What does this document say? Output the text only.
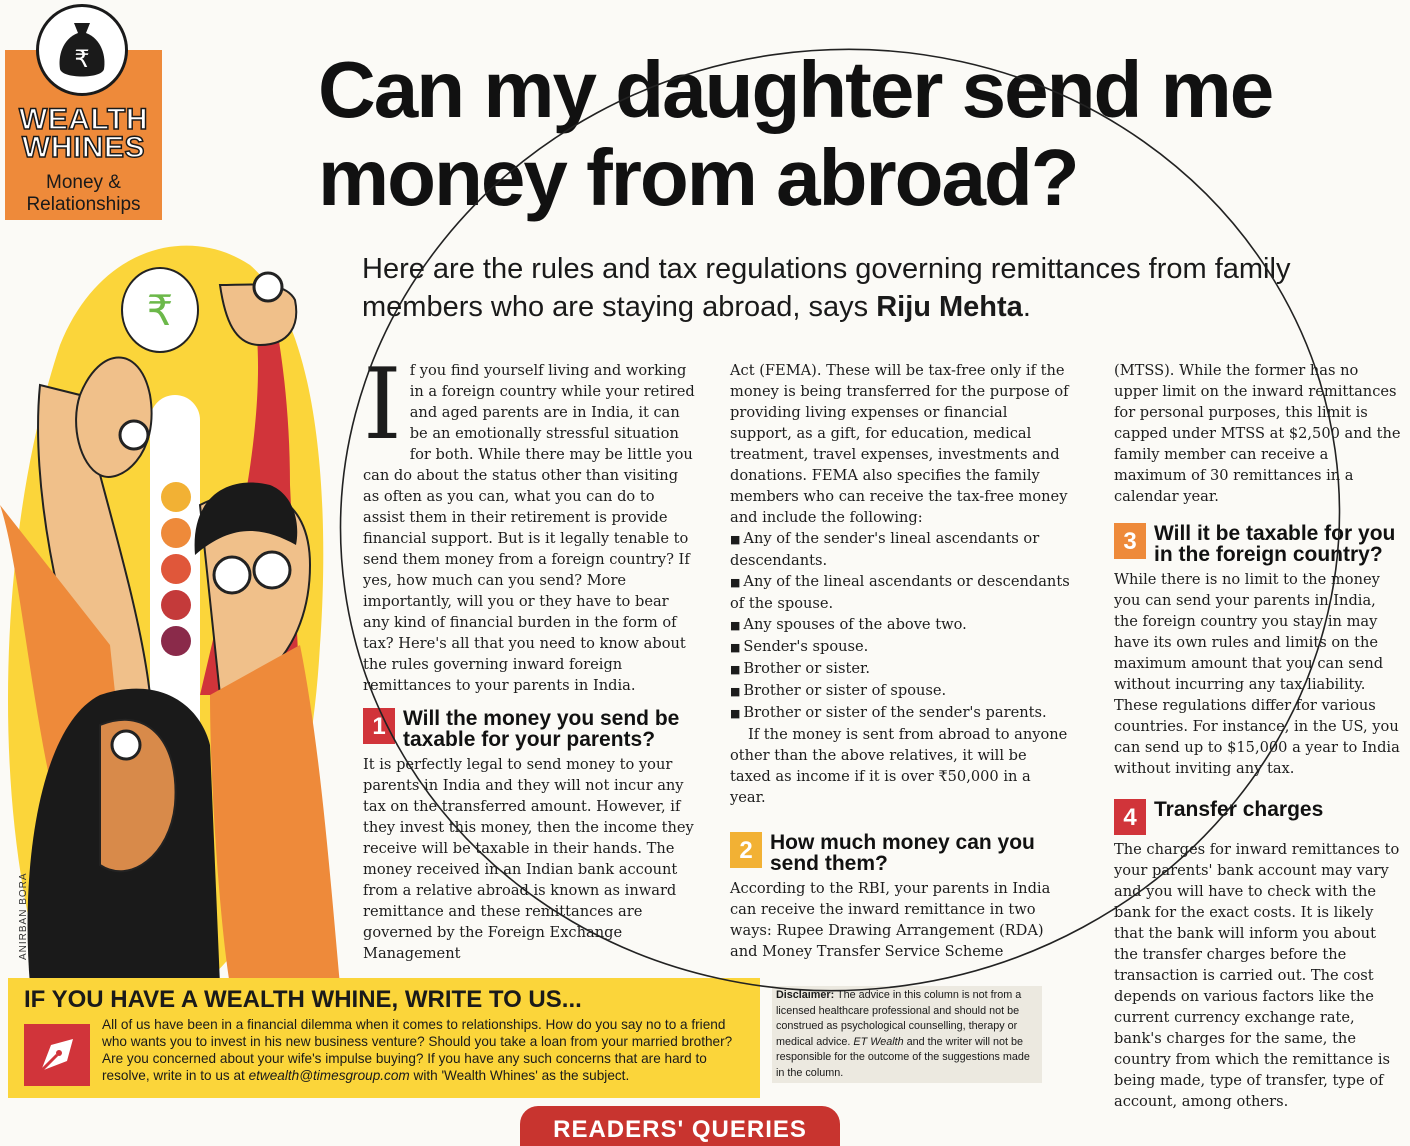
₹
WEALTH
WHINES
Money &
Relationships
₹
ANIRBAN BORA
Can my daughter send me
money from abroad?
Here are the rules and tax regulations governing remittances from family members who are staying abroad, says Riju Mehta.

If you find yourself living and working in a foreign country while your retired and aged parents are in India, it can be an emotionally stressful situation for both. While there may be little you can do about the status other than visiting as often as you can, what you can do to assist them in their retirement is provide financial support. But is it legally tenable to send them money from a foreign country? If yes, how much can you send? More importantly, will you or they have to bear any kind of financial burden in the form of tax? Here's all that you need to know about the rules governing inward foreign remittances to your parents in India.

1 Will the money you send be taxable for your parents?

It is perfectly legal to send money to your parents in India and they will not incur any tax on the transferred amount. However, if they invest this money, then the income they receive will be taxable in their hands. The money received in an Indian bank account from a relative abroad is known as inward remittance and these remittances are governed by the Foreign Exchange Management

Act (FEMA). These will be tax-free only if the money is being transferred for the purpose of providing living expenses or financial support, as a gift, for education, medical treatment, travel expenses, investments and donations. FEMA also specifies the family members who can receive the tax-free money and include the following:

■ Any of the sender's lineal ascendants or descendants.

■ Any of the lineal ascendants or descendants of the spouse.

■ Any spouses of the above two.

■ Sender's spouse.

■ Brother or sister.

■ Brother or sister of spouse.

■ Brother or sister of the sender's parents.

If the money is sent from abroad to anyone other than the above relatives, it will be taxed as income if it is over ₹50,000 in a year.

2 How much money can you send them?

According to the RBI, your parents in India can receive the inward remittance in two ways: Rupee Drawing Arrangement (RDA) and Money Transfer Service Scheme

(MTSS). While the former has no upper limit on the inward remittances for personal purposes, this limit is capped under MTSS at $2,500 and the family member can receive a maximum of 30 remittances in a calendar year.

3 Will it be taxable for you in the foreign country?

While there is no limit to the money you can send your parents in India, the foreign country you stay in may have its own rules and limits on the maximum amount that you can send without incurring any tax liability. These regulations differ for various countries. For instance, in the US, you can send up to $15,000 a year to India without inviting any tax.

4 Transfer charges

The charges for inward remittances to your parents' bank account may vary and you will have to check with the bank for the exact costs. It is likely that the bank will inform you about the transfer charges before the transaction is carried out. The cost depends on various factors like the current currency exchange rate, bank's charges for the same, the country from which the remittance is being made, type of transfer, type of account, among others.

IF YOU HAVE A WEALTH WHINE, WRITE TO US...
All of us have been in a financial dilemma when it comes to relationships. How do you say no to a friend who wants you to invest in his new business venture? Should you take a loan from your married brother? Are you concerned about your wife's impulse buying? If you have any such concerns that are hard to resolve, write in to us at etwealth@timesgroup.com with 'Wealth Whines' as the subject.
Disclaimer: The advice in this column is not from a licensed healthcare professional and should not be construed as psychological counselling, therapy or medical advice. ET Wealth and the writer will not be responsible for the outcome of the suggestions made in the column.
READERS' QUERIES
